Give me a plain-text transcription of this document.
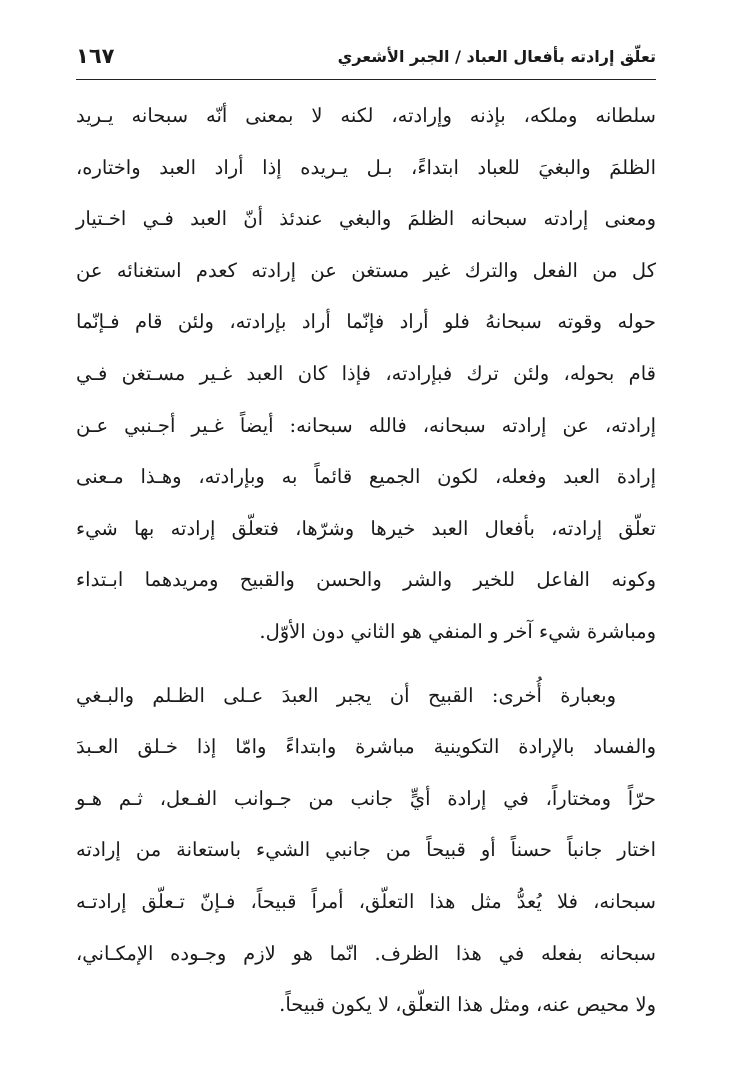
تعلّق إرادته بأفعال العباد / الجبر الأشعري
١٦٧

سلطانه وملكه، بإذنه وإرادته، لكنه لا بمعنى أنّه سبحانه يـريد
الظلمَ والبغيَ للعباد ابتداءً، بـل يـريده إذا أراد العبد واختاره،
ومعنى إرادته سبحانه الظلمَ والبغي عندئذ أنّ العبد فـي اخـتيار
كل من الفعل والترك غير مستغن عن إرادته كعدم استغنائه عن
حوله وقوته سبحانهُ فلو أراد فإنّما أراد بإرادته، ولئن قام فـإنّما
قام بحوله، ولئن ترك فبإرادته، فإذا كان العبد غـير مسـتغن فـي
إرادته، عن إرادته سبحانه، فالله سبحانه: أيضاً غـير أجـنبي عـن
إرادة العبد وفعله، لكون الجميع قائماً به وبإرادته، وهـذا مـعنى
تعلّق إرادته، بأفعال العبد خيرها وشرّها، فتعلّق إرادته بها شيء
وكونه الفاعل للخير والشر والحسن والقبيح ومريدهما ابـتداء
ومباشرة شيء آخر و المنفي هو الثاني دون الأوّل.

وبعبارة أُخرى: القبيح أن يجبر العبدَ عـلى الظـلم والبـغي
والفساد بالإرادة التكوينية مباشرة وابتداءً وامّا إذا خـلق العـبدَ
حرّاً ومختاراً، في إرادة أيٍّ جانب من جـوانب الفـعل، ثـم هـو
اختار جانباً حسناً أو قبيحاً من جانبي الشيء باستعانة من إرادته
سبحانه، فلا يُعدُّ مثل هذا التعلّق، أمراً قبيحاً، فـإنّ تـعلّق إرادتـه
سبحانه بفعله في هذا الظرف. انّما هو لازم وجـوده الإمكـاني،
ولا محيص عنه، ومثل هذا التعلّق، لا يكون قبيحاً.
